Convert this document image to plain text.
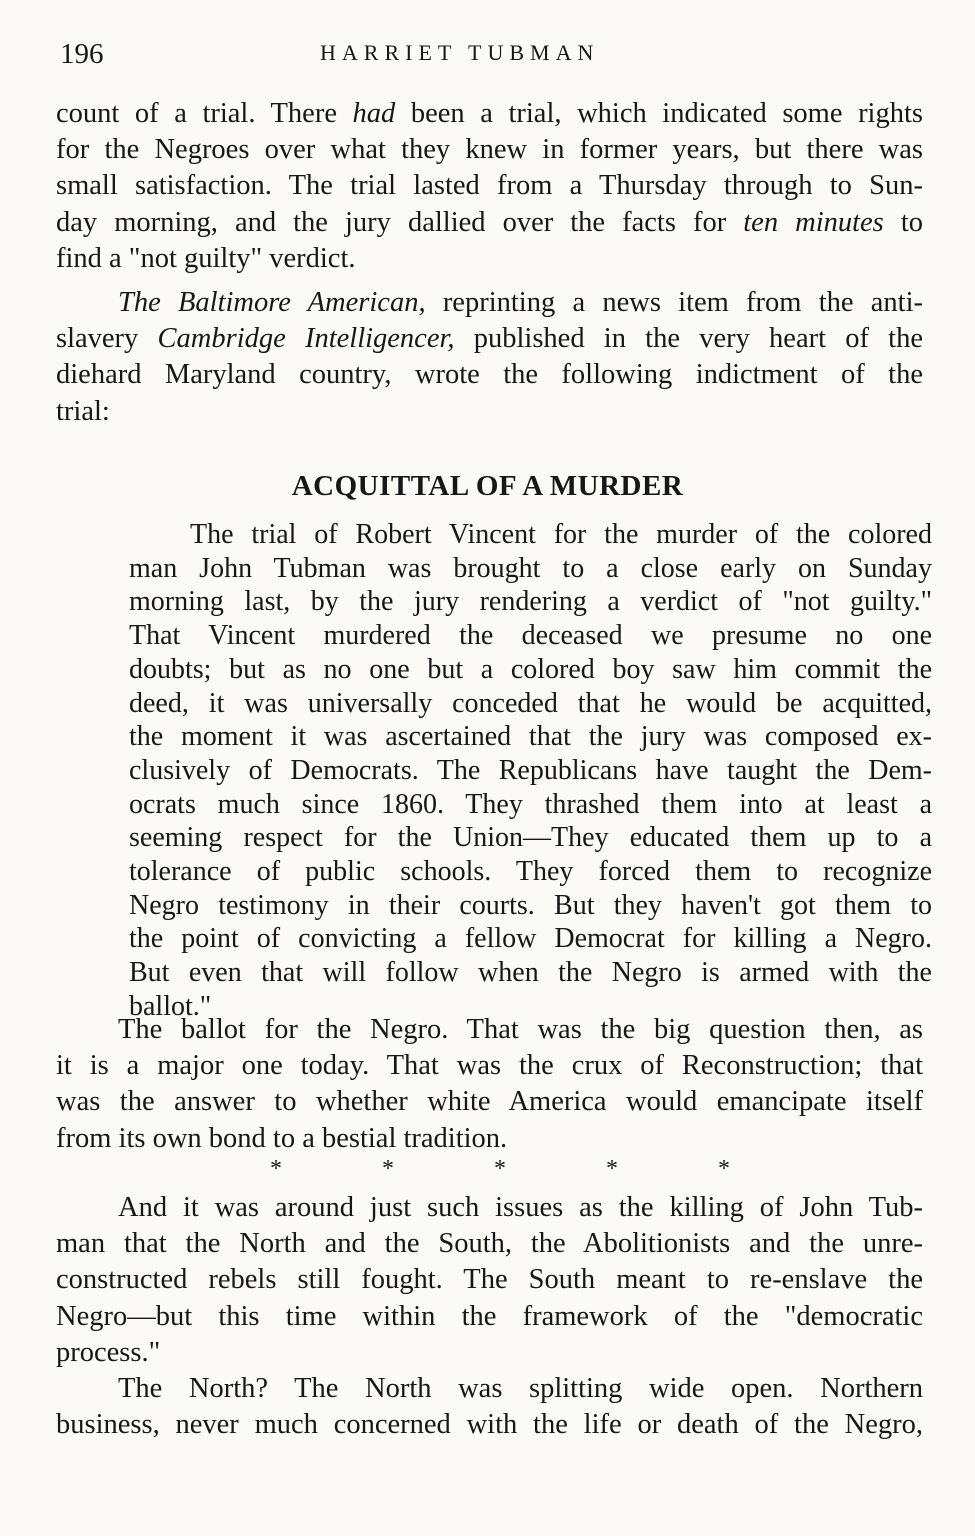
196	HARRIET TUBMAN
count of a trial. There had been a trial, which indicated some rights
for the Negroes over what they knew in former years, but there was
small satisfaction. The trial lasted from a Thursday through to Sun-
day morning, and the jury dallied over the facts for ten minutes to
find a "not guilty" verdict.
The Baltimore American, reprinting a news item from the anti-
slavery Cambridge Intelligencer, published in the very heart of the
diehard Maryland country, wrote the following indictment of the
trial:
ACQUITTAL OF A MURDER
The trial of Robert Vincent for the murder of the colored
man John Tubman was brought to a close early on Sunday
morning last, by the jury rendering a verdict of "not guilty."
That Vincent murdered the deceased we presume no one
doubts; but as no one but a colored boy saw him commit the
deed, it was universally conceded that he would be acquitted,
the moment it was ascertained that the jury was composed ex-
clusively of Democrats. The Republicans have taught the Dem-
ocrats much since 1860. They thrashed them into at least a
seeming respect for the Union—They educated them up to a
tolerance of public schools. They forced them to recognize
Negro testimony in their courts. But they haven't got them to
the point of convicting a fellow Democrat for killing a Negro.
But even that will follow when the Negro is armed with the
ballot."
The ballot for the Negro. That was the big question then, as
it is a major one today. That was the crux of Reconstruction; that
was the answer to whether white America would emancipate itself
from its own bond to a bestial tradition.
*	*	*	*	*
And it was around just such issues as the killing of John Tub-
man that the North and the South, the Abolitionists and the unre-
constructed rebels still fought. The South meant to re-enslave the
Negro—but this time within the framework of the "democratic
process."
The North? The North was splitting wide open. Northern
business, never much concerned with the life or death of the Negro,
